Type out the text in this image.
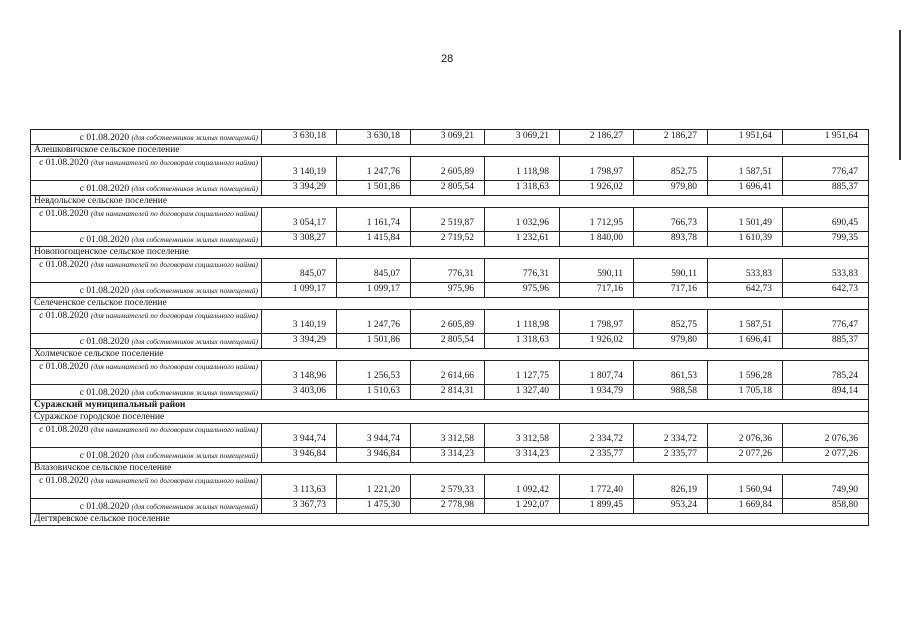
28
с 01.08.2020 (для собственников жилых помещений)	3 630,18	3 630,18	3 069,21	3 069,21	2 186,27	2 186,27	1 951,64	1 951,64
Алешковичское сельское поселение								
с 01.08.2020 (для нанимателей по договорам социального найма)	3 140,19	1 247,76	2 605,89	1 118,98	1 798,97	852,75	1 587,51	776,47
с 01.08.2020 (для собственников жилых помещений)	3 394,29	1 501,86	2 805,54	1 318,63	1 926,02	979,80	1 696,41	885,37
Невдольское сельское поселение								
с 01.08.2020 (для нанимателей по договорам социального найма)	3 054,17	1 161,74	2 519,87	1 032,96	1 712,95	766,73	1 501,49	690,45
с 01.08.2020 (для собственников жилых помещений)	3 308,27	1 415,84	2 719,52	1 232,61	1 840,00	893,78	1 610,39	799,35
Новопогощенское сельское поселение								
с 01.08.2020 (для нанимателей по договорам социального найма)	845,07	845,07	776,31	776,31	590,11	590,11	533,83	533,83
с 01.08.2020 (для собственников жилых помещений)	1 099,17	1 099,17	975,96	975,96	717,16	717,16	642,73	642,73
Селеченское сельское поселение								
с 01.08.2020 (для нанимателей по договорам социального найма)	3 140,19	1 247,76	2 605,89	1 118,98	1 798,97	852,75	1 587,51	776,47
с 01.08.2020 (для собственников жилых помещений)	3 394,29	1 501,86	2 805,54	1 318,63	1 926,02	979,80	1 696,41	885,37
Холмечское сельское поселение								
с 01.08.2020 (для нанимателей по договорам социального найма)	3 148,96	1 256,53	2 614,66	1 127,75	1 807,74	861,53	1 596,28	785,24
с 01.08.2020 (для собственников жилых помещений)	3 403,06	1 510,63	2 814,31	1 327,40	1 934,79	988,58	1 705,18	894,14
Суражский муниципальный район								
Суражское городское поселение								
с 01.08.2020 (для нанимателей по договорам социального найма)	3 944,74	3 944,74	3 312,58	3 312,58	2 334,72	2 334,72	2 076,36	2 076,36
с 01.08.2020 (для собственников жилых помещений)	3 946,84	3 946,84	3 314,23	3 314,23	2 335,77	2 335,77	2 077,26	2 077,26
Влазовичское сельское поселение								
с 01.08.2020 (для нанимателей по договорам социального найма)	3 113,63	1 221,20	2 579,33	1 092,42	1 772,40	826,19	1 560,94	749,90
с 01.08.2020 (для собственников жилых помещений)	3 367,73	1 475,30	2 778,98	1 292,07	1 899,45	953,24	1 669,84	858,80
Дегтяревское сельское поселение								
